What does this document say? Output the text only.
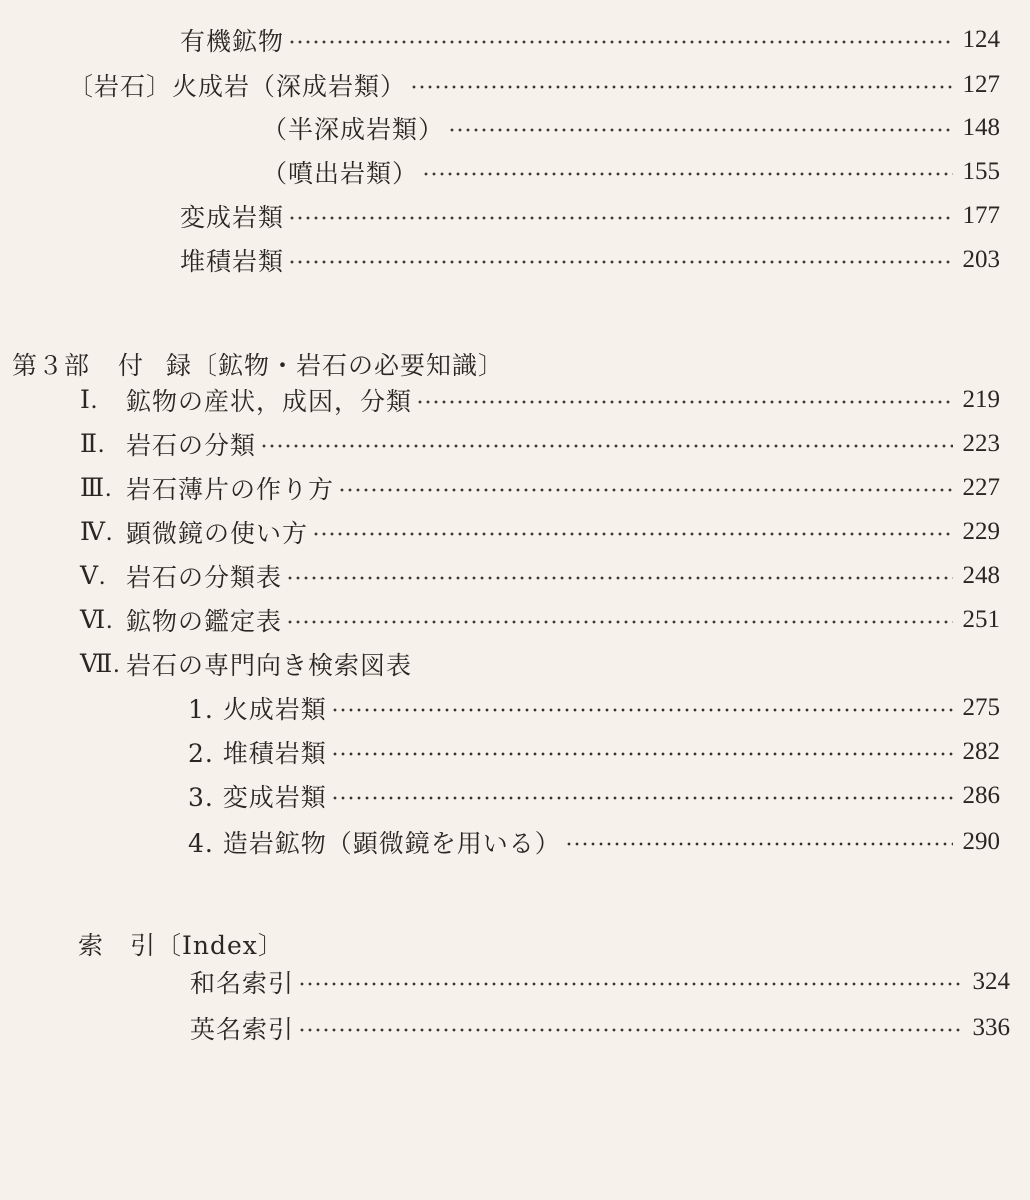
有機鉱物	124
〔岩石〕 火成岩（深成岩類）	127
（半深成岩類）	148
（噴出岩類）	155
変成岩類	177
堆積岩類	203
第３部 付 録〔鉱物・岩石の必要知識〕
Ⅰ.	鉱物の産状，成因，分類	219
Ⅱ. 岩石の分類	223
Ⅲ. 岩石薄片の作り方	227
Ⅳ. 顕微鏡の使い方	229
Ⅴ. 岩石の分類表	248
Ⅵ. 鉱物の鑑定表	251
Ⅶ. 岩石の専門向き検索図表
1. 火成岩類	275
2. 堆積岩類	282
3. 変成岩類	286
4. 造岩鉱物（顕微鏡を用いる）	290
索 引〔Index〕
和名索引	324
英名索引	336
